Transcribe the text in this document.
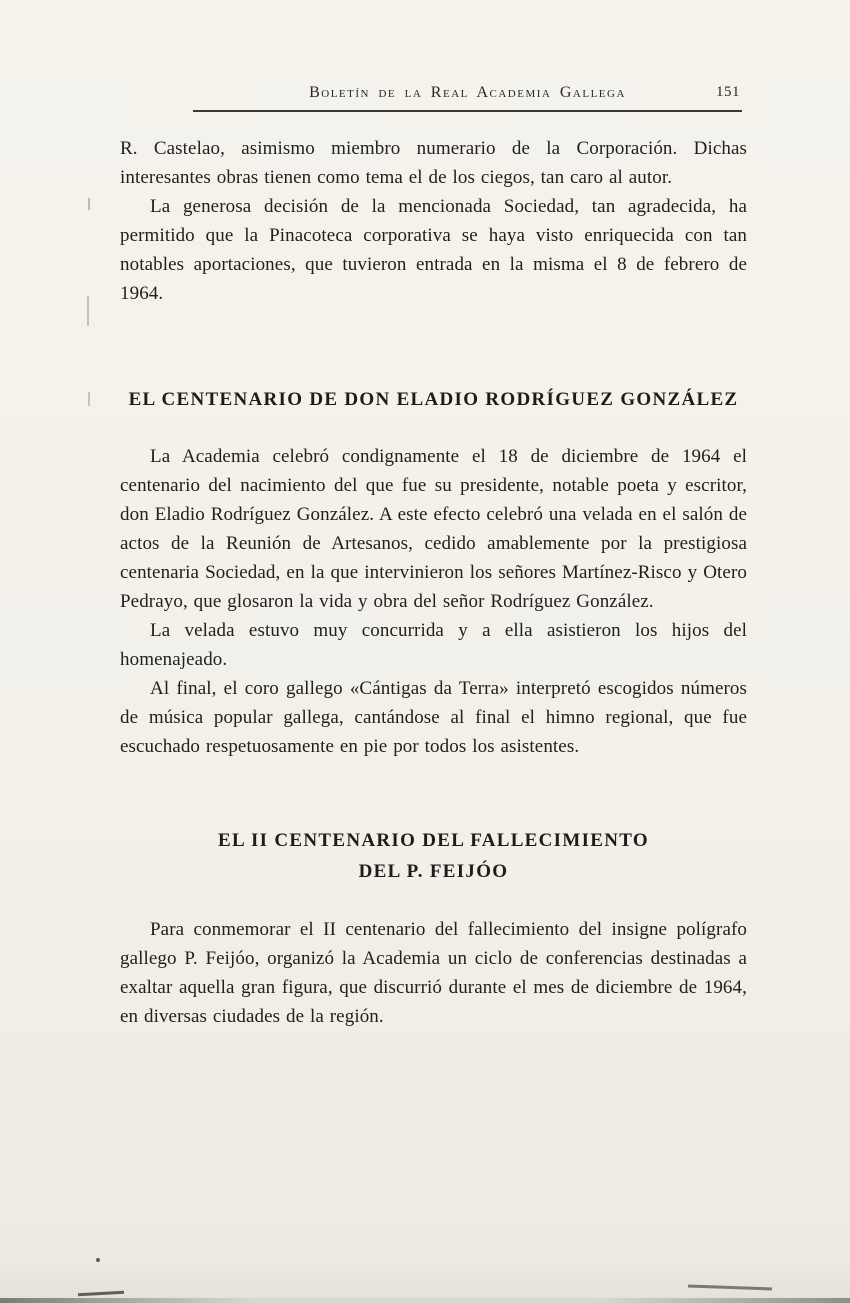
Boletín de la Real Academia Gallega	151

R. Castelao, asimismo miembro numerario de la Corporación. Dichas interesantes obras tienen como tema el de los ciegos, tan caro al autor.

La generosa decisión de la mencionada Sociedad, tan agradecida, ha permitido que la Pinacoteca corporativa se haya visto enriquecida con tan notables aportaciones, que tuvieron entrada en la misma el 8 de febrero de 1964.

EL CENTENARIO DE DON ELADIO RODRÍGUEZ GONZÁLEZ

La Academia celebró condignamente el 18 de diciembre de 1964 el centenario del nacimiento del que fue su presidente, notable poeta y escritor, don Eladio Rodríguez González. A este efecto celebró una velada en el salón de actos de la Reunión de Artesanos, cedido amablemente por la prestigiosa centenaria Sociedad, en la que intervinieron los señores Martínez-Risco y Otero Pedrayo, que glosaron la vida y obra del señor Rodríguez González.

La velada estuvo muy concurrida y a ella asistieron los hijos del homenajeado.

Al final, el coro gallego «Cántigas da Terra» interpretó escogidos números de música popular gallega, cantándose al final el himno regional, que fue escuchado respetuosamente en pie por todos los asistentes.

EL II CENTENARIO DEL FALLECIMIENTO
DEL P. FEIJÓO

Para conmemorar el II centenario del fallecimiento del insigne polígrafo gallego P. Feijóo, organizó la Academia un ciclo de conferencias destinadas a exaltar aquella gran figura, que discurrió durante el mes de diciembre de 1964, en diversas ciudades de la región.
